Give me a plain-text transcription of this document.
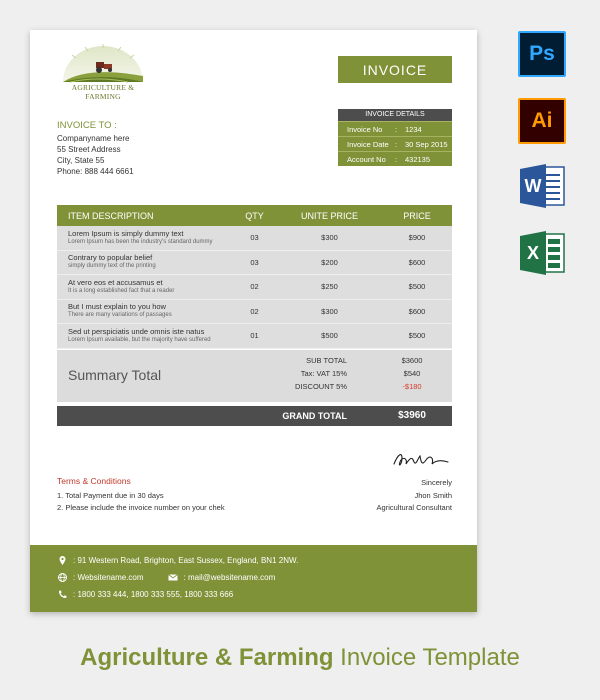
AGRICULTURE & FARMING
INVOICE
INVOICE TO :
Companyname here
55 Street Address
City, State 55
Phone: 888 444 6661
INVOICE DETAILS
Invoice No	:	1234
Invoice Date :	30 Sep 2015
Account No	:	432135
ITEM DESCRIPTION	QTY	UNITE PRICE	PRICE
Lorem Ipsum is simply dummy text
Lorem Ipsum has been the industry's standard dummy	03	$300	$900
Contrary to popular belief
simply dummy text of the printing	03	$200	$600
At vero eos et accusamus et
It is a long established fact that a reader	02	$250	$500
But I must explain to you how
There are many variations of passages	02	$300	$600
Sed ut perspiciatis unde omnis iste natus
Lorem Ipsum available, but the majority have suffered	01	$500	$500
Summary Total
SUB TOTAL	$3600
Tax: VAT 15%	$540
DISCOUNT 5%	-$180
GRAND TOTAL	$3960
Sincerely
Jhon Smith
Agricultural Consultant
Terms & Conditions
1. Total Payment due in 30 days
2. Please include the invoice number on your chek
: 91 Western Road, Brighton, East Sussex, England, BN1 2NW.
: Websitename.com	: mail@websitename.com
: 1800 333 444, 1800 333 555, 1800 333 666
Ps
Ai
W
X
Agriculture & Farming Invoice Template
